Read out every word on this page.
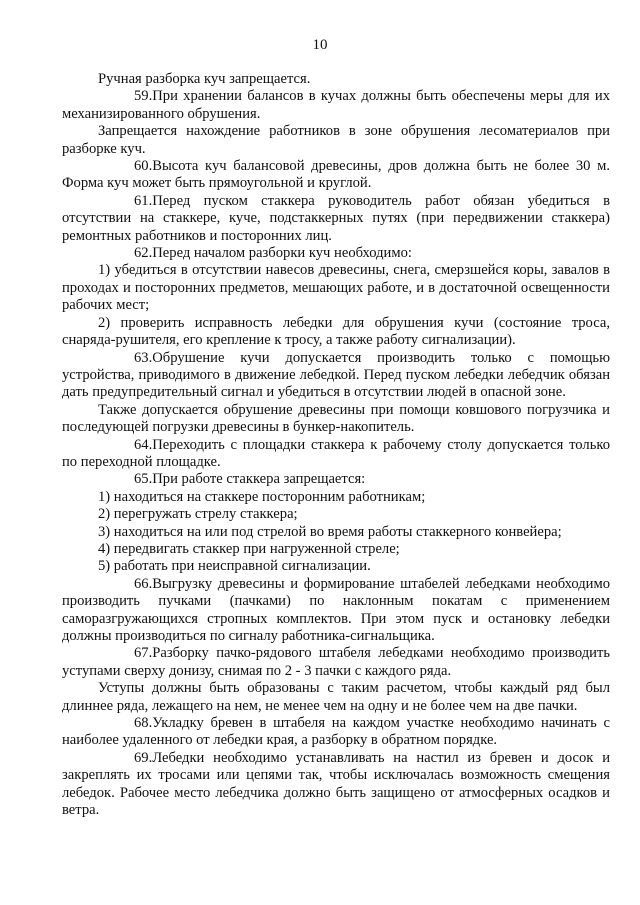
10

Ручная разборка куч запрещается.

59.При хранении балансов в кучах должны быть обеспечены меры для их механизированного обрушения.

Запрещается нахождение работников в зоне обрушения лесоматериалов при разборке куч.

60.Высота куч балансовой древесины, дров должна быть не более 30 м. Форма куч может быть прямоугольной и круглой.

61.Перед пуском стаккера руководитель работ обязан убедиться в отсутствии на стаккере, куче, подстаккерных путях (при передвижении стаккера) ремонтных работников и посторонних лиц.

62.Перед началом разборки куч необходимо:

1) убедиться в отсутствии навесов древесины, снега, смерзшейся коры, завалов в проходах и посторонних предметов, мешающих работе, и в достаточной освещенности рабочих мест;

2) проверить исправность лебедки для обрушения кучи (состояние троса, снаряда-рушителя, его крепление к тросу, а также работу сигнализации).

63.Обрушение кучи допускается производить только с помощью устройства, приводимого в движение лебедкой. Перед пуском лебедки лебедчик обязан дать предупредительный сигнал и убедиться в отсутствии людей в опасной зоне.

Также допускается обрушение древесины при помощи ковшового погрузчика и последующей погрузки древесины в бункер-накопитель.

64.Переходить с площадки стаккера к рабочему столу допускается только по переходной площадке.

65.При работе стаккера запрещается:

1) находиться на стаккере посторонним работникам;

2) перегружать стрелу стаккера;

3) находиться на или под стрелой во время работы стаккерного конвейера;

4) передвигать стаккер при нагруженной стреле;

5) работать при неисправной сигнализации.

66.Выгрузку древесины и формирование штабелей лебедками необходимо производить пучками (пачками) по наклонным покатам с применением саморазгружающихся стропных комплектов. При этом пуск и остановку лебедки должны производиться по сигналу работника-сигнальщика.

67.Разборку пачко-рядового штабеля лебедками необходимо производить уступами сверху донизу, снимая по 2 - 3 пачки с каждого ряда.

Уступы должны быть образованы с таким расчетом, чтобы каждый ряд был длиннее ряда, лежащего на нем, не менее чем на одну и не более чем на две пачки.

68.Укладку бревен в штабеля на каждом участке необходимо начинать с наиболее удаленного от лебедки края, а разборку в обратном порядке.

69.Лебедки необходимо устанавливать на настил из бревен и досок и закреплять их тросами или цепями так, чтобы исключалась возможность смещения лебедок. Рабочее место лебедчика должно быть защищено от атмосферных осадков и ветра.
